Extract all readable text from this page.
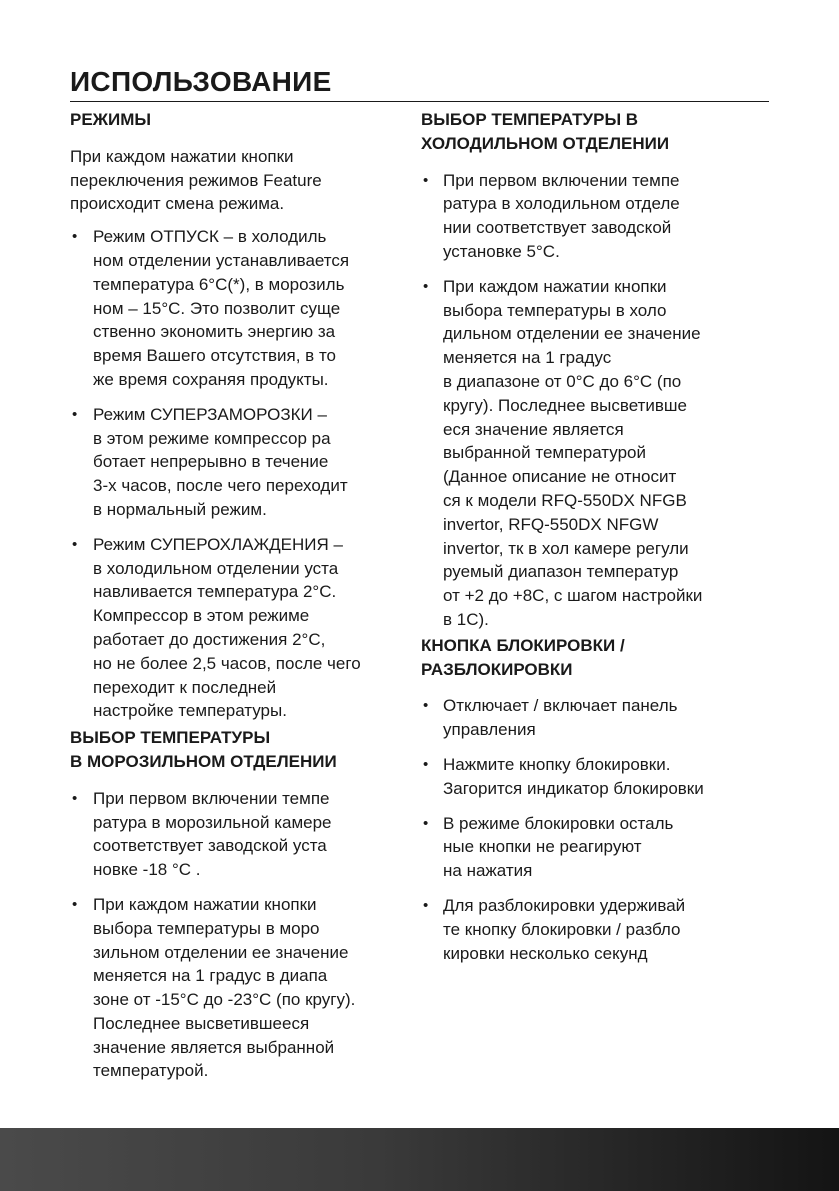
ИСПОЛЬЗОВАНИЕ
РЕЖИМЫ

При каждом нажатии кнопки
переключения режимов Feature
происходит смена режима.

• Режим ОТПУСК – в холодиль
ном отделении устанавливается
температура 6°C(*), в морозиль
ном – 15°C. Это позволит суще
ственно экономить энергию за
время Вашего отсутствия, в то
же время сохраняя продукты.
• Режим СУПЕРЗАМОРОЗКИ –
в этом режиме компрессор ра
ботает непрерывно в течение
3-х часов, после чего переходит
в нормальный режим.
• Режим СУПЕРОХЛАЖДЕНИЯ –
в холодильном отделении уста
навливается температура 2°C.
Компрессор в этом режиме
работает до достижения 2°C,
но не более 2,5 часов, после чего
переходит к последней
настройке температуры.
ВЫБОР ТЕМПЕРАТУРЫ
В МОРОЗИЛЬНОМ ОТДЕЛЕНИИ
• При первом включении темпе
ратура в морозильной камере
соответствует заводской уста
новке -18 °C .
• При каждом нажатии кнопки
выбора температуры в моро
зильном отделении ее значение
меняется на 1 градус в диапа
зоне от -15°C до -23°C (по кругу).
Последнее высветившееся
значение является выбранной
температурой.
ВЫБОР ТЕМПЕРАТУРЫ В
ХОЛОДИЛЬНОМ ОТДЕЛЕНИИ
• При первом включении темпе
ратура в холодильном отделе
нии соответствует заводской
установке 5°C.
• При каждом нажатии кнопки
выбора температуры в холо
дильном отделении ее значение
меняется на 1 градус
в диапазоне от 0°C до 6°C (по
кругу). Последнее высветивше
еся значение является
выбранной температурой
(Данное описание не относит
ся к модели RFQ-550DX NFGB
invertor, RFQ-550DX NFGW
invertor, тк в хол камере регули
руемый диапазон температур
от +2 до +8С, с шагом настройки
в 1С).
КНОПКА БЛОКИРОВКИ /
РАЗБЛОКИРОВКИ
• Отключает / включает панель
управления
• Нажмите кнопку блокировки.
Загорится индикатор блокировки
• В режиме блокировки осталь
ные кнопки не реагируют
на нажатия
• Для разблокировки удерживай
те кнопку блокировки / разбло
кировки несколько секунд
